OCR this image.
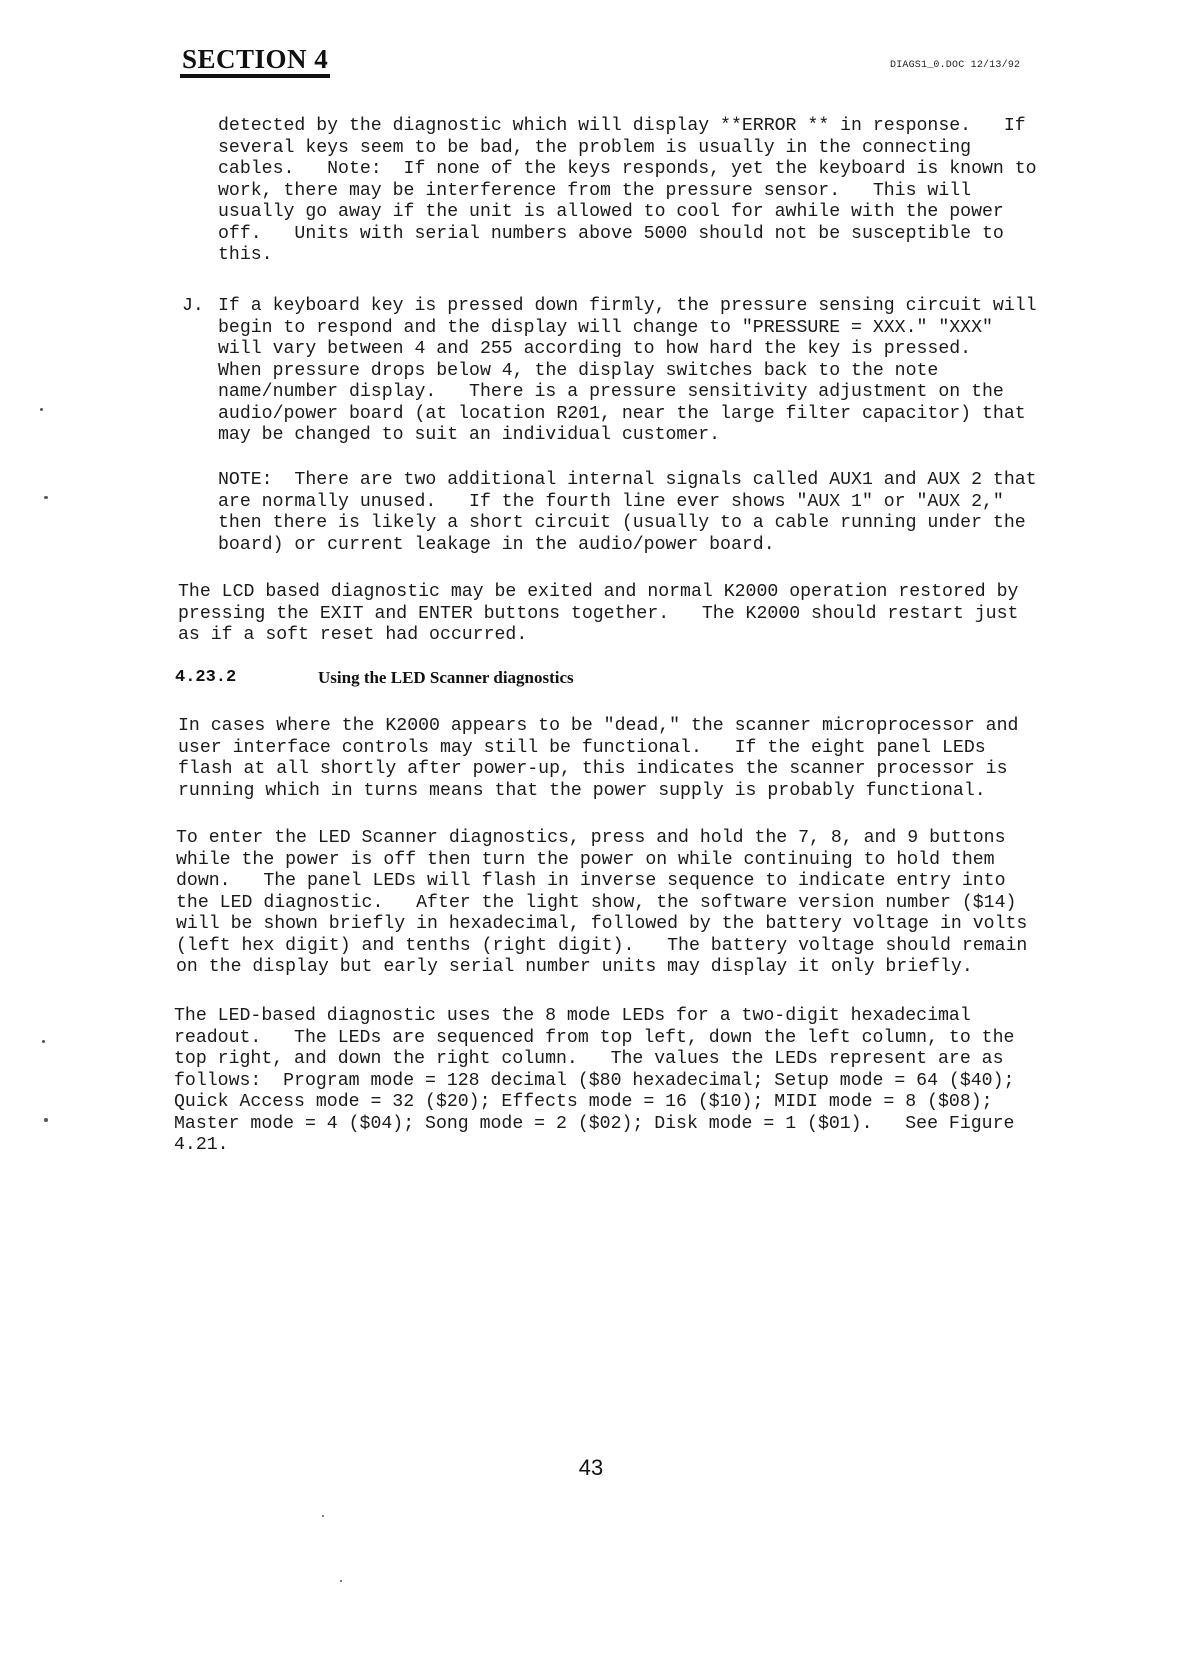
SECTION 4	DIAGS1_0.DOC 12/13/92
detected by the diagnostic which will display **ERROR ** in response.   If
several keys seem to be bad, the problem is usually in the connecting
cables.   Note:  If none of the keys responds, yet the keyboard is known to
work, there may be interference from the pressure sensor.   This will
usually go away if the unit is allowed to cool for awhile with the power
off.   Units with serial numbers above 5000 should not be susceptible to
this.
J. If a keyboard key is pressed down firmly, the pressure sensing circuit will
begin to respond and the display will change to "PRESSURE = XXX." "XXX"
will vary between 4 and 255 according to how hard the key is pressed.
When pressure drops below 4, the display switches back to the note
name/number display.   There is a pressure sensitivity adjustment on the
audio/power board (at location R201, near the large filter capacitor) that
may be changed to suit an individual customer.
NOTE:  There are two additional internal signals called AUX1 and AUX 2 that
are normally unused.   If the fourth line ever shows "AUX 1" or "AUX 2,"
then there is likely a short circuit (usually to a cable running under the
board) or current leakage in the audio/power board.
The LCD based diagnostic may be exited and normal K2000 operation restored by
pressing the EXIT and ENTER buttons together.   The K2000 should restart just
as if a soft reset had occurred.
4.23.2	Using the LED Scanner diagnostics
In cases where the K2000 appears to be "dead," the scanner microprocessor and
user interface controls may still be functional.   If the eight panel LEDs
flash at all shortly after power-up, this indicates the scanner processor is
running which in turns means that the power supply is probably functional.
To enter the LED Scanner diagnostics, press and hold the 7, 8, and 9 buttons
while the power is off then turn the power on while continuing to hold them
down.   The panel LEDs will flash in inverse sequence to indicate entry into
the LED diagnostic.   After the light show, the software version number ($14)
will be shown briefly in hexadecimal, followed by the battery voltage in volts
(left hex digit) and tenths (right digit).   The battery voltage should remain
on the display but early serial number units may display it only briefly.
The LED-based diagnostic uses the 8 mode LEDs for a two-digit hexadecimal
readout.   The LEDs are sequenced from top left, down the left column, to the
top right, and down the right column.   The values the LEDs represent are as
follows:  Program mode = 128 decimal ($80 hexadecimal; Setup mode = 64 ($40);
Quick Access mode = 32 ($20); Effects mode = 16 ($10); MIDI mode = 8 ($08);
Master mode = 4 ($04); Song mode = 2 ($02); Disk mode = 1 ($01).   See Figure
4.21.
43
